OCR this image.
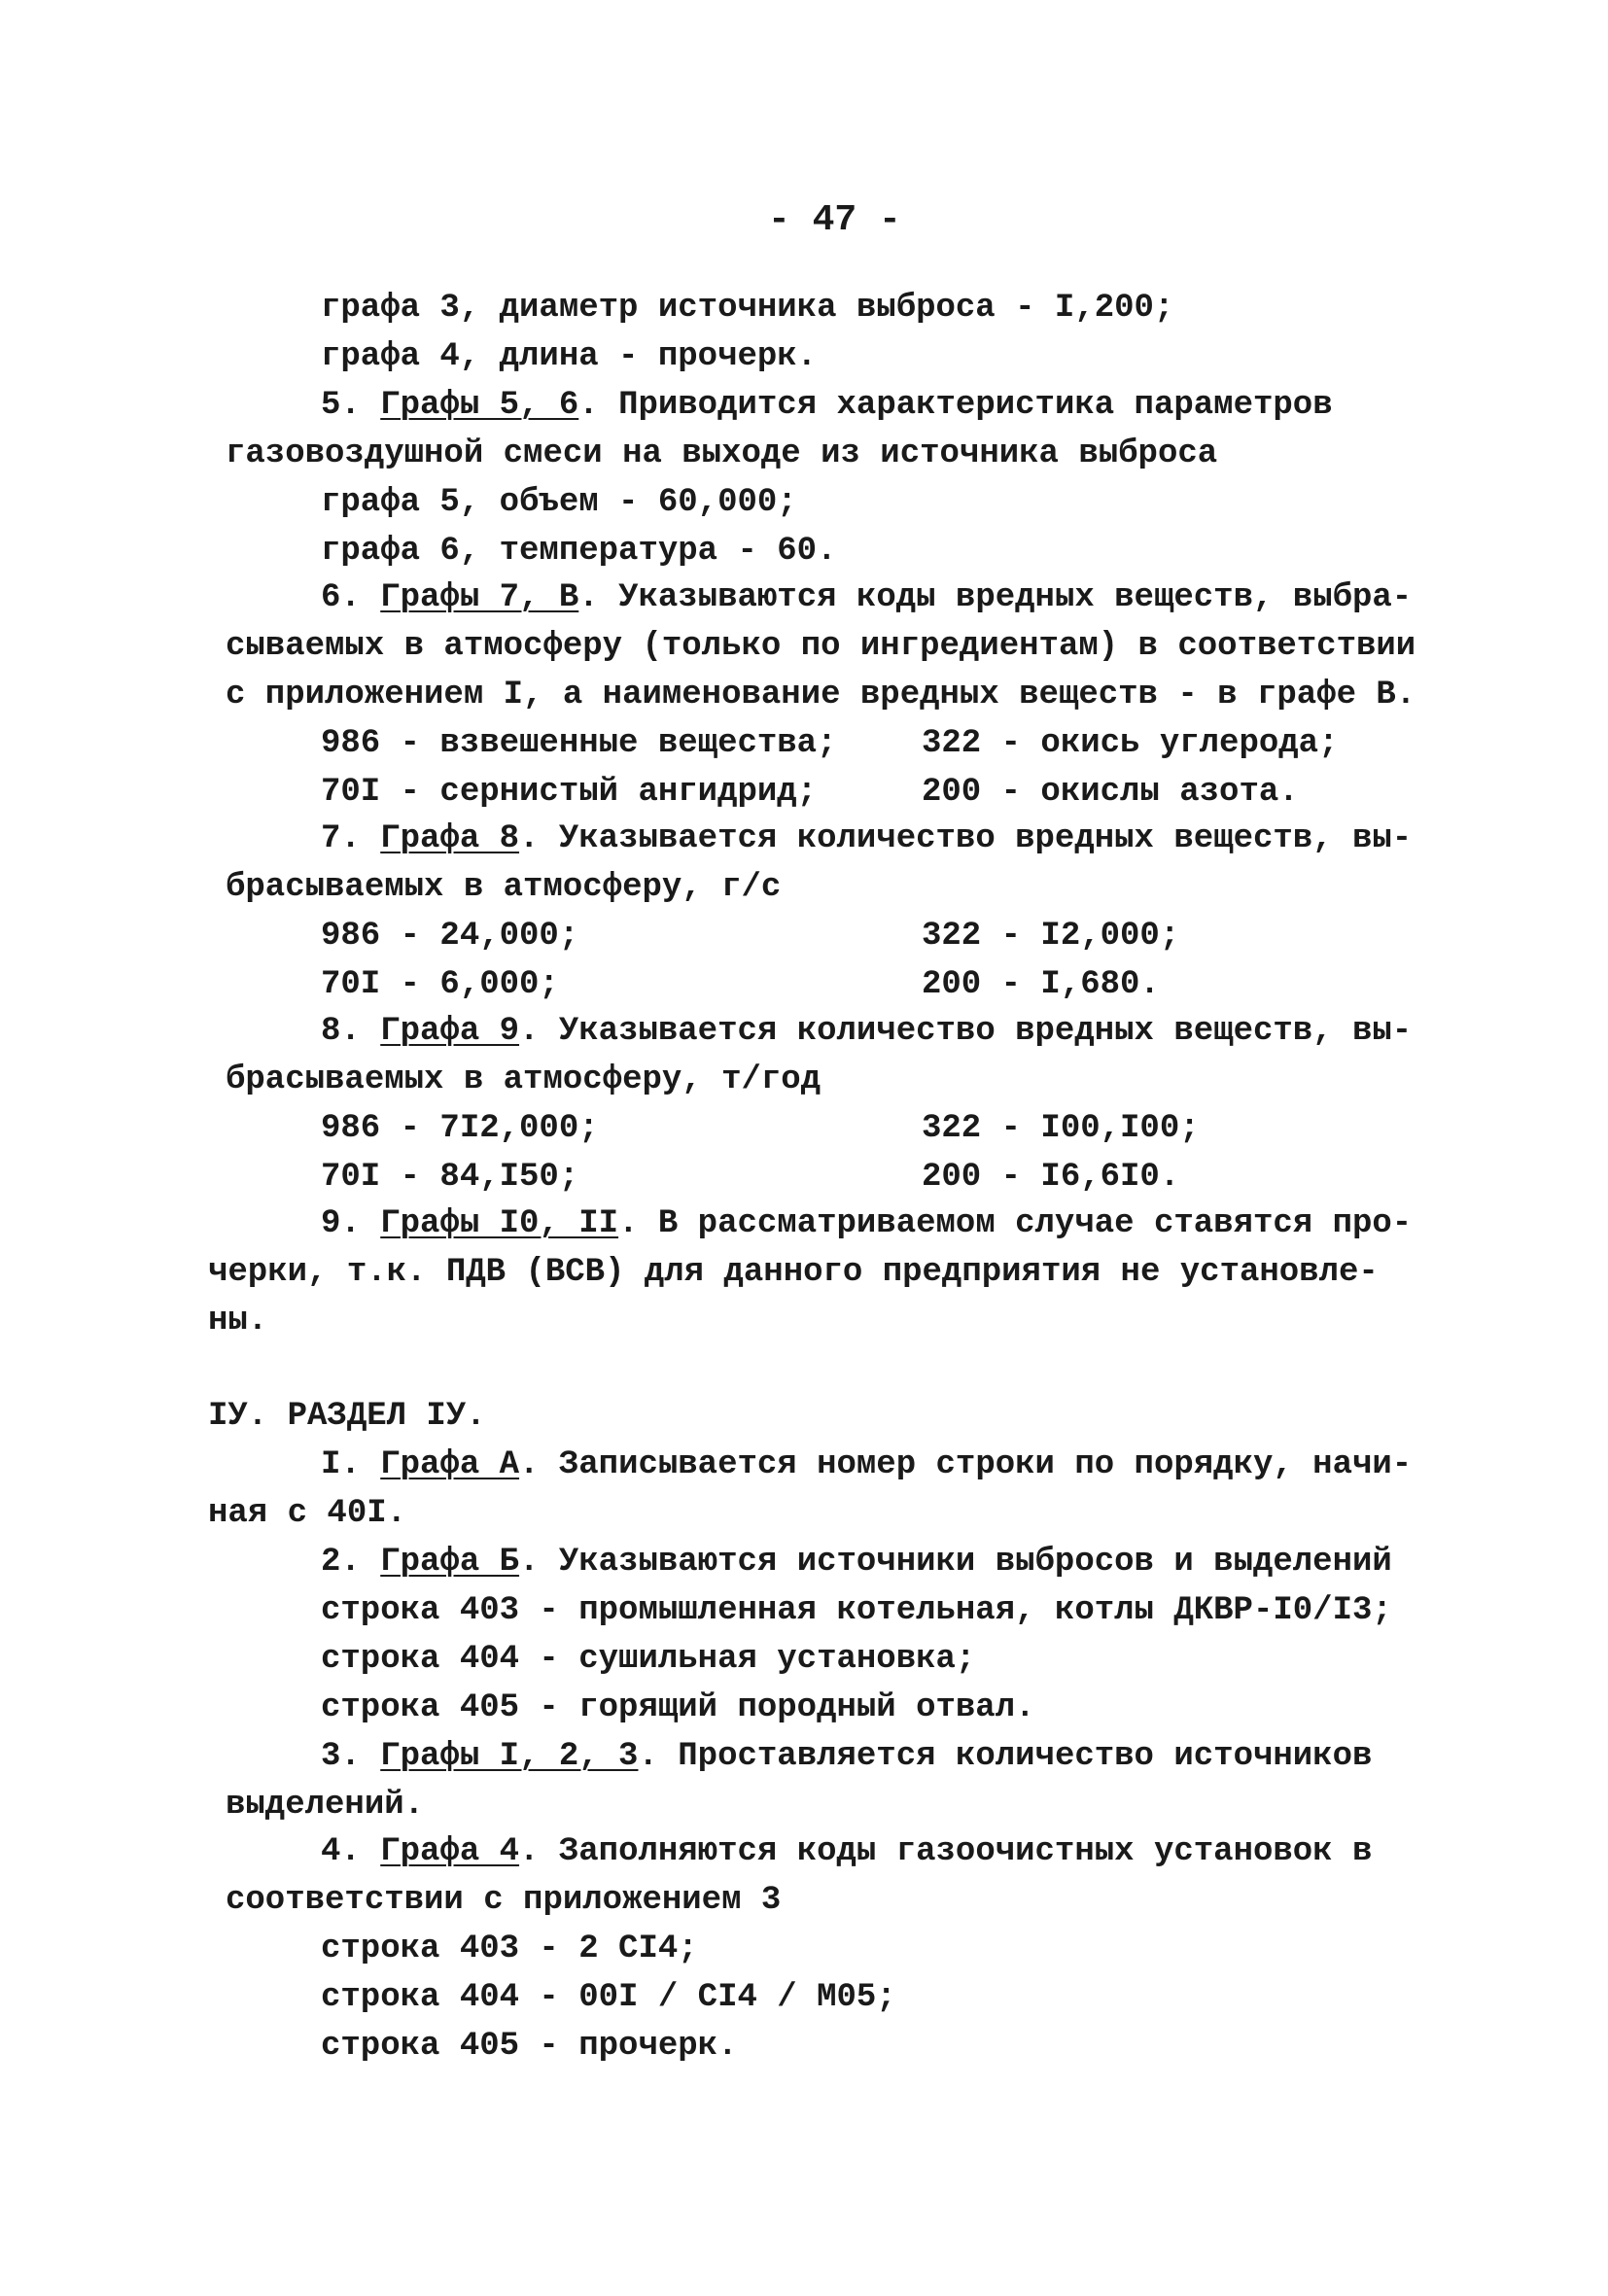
- 47 -
графа 3, диаметр источника выброса - I,200;
графа 4, длина - прочерк.
5. Графы 5, 6. Приводится характеристика параметров
газовоздушной смеси на выходе из источника выброса
графа 5, объем - 60,000;
графа 6, температура - 60.
6. Графы 7, В. Указываются коды вредных веществ, выбра-
сываемых в атмосферу (только по ингредиентам) в соответствии
с приложением I, а наименование вредных веществ - в графе В.
986 - взвешенные вещества;	322 - окись углерода;
70I - сернистый ангидрид;	200 - окислы азота.
7. Графа 8. Указывается количество вредных веществ, вы-
брасываемых в атмосферу, г/с
986 - 24,000;	322 - I2,000;
70I - 6,000;	200 - I,680.
8. Графа 9. Указывается количество вредных веществ, вы-
брасываемых в атмосферу, т/год
986 - 7I2,000;	322 - I00,I00;
70I - 84,I50;	200 - I6,6I0.
9. Графы I0, II. В рассматриваемом случае ставятся про-
черки, т.к. ПДВ (ВСВ) для данного предприятия не установле-
ны.
IУ. РАЗДЕЛ IУ.
I. Графа А. Записывается номер строки по порядку, начи-
ная с 40I.
2. Графа Б. Указываются источники выбросов и выделений
строка 403 - промышленная котельная, котлы ДКВР-I0/I3;
строка 404 - сушильная установка;
строка 405 - горящий породный отвал.
3. Графы I, 2, 3. Проставляется количество источников
выделений.
4. Графа 4. Заполняются коды газоочистных установок в
соответствии с приложением 3
строка 403 - 2 CI4;
строка 404 - 00I / CI4 / M05;
строка 405 - прочерк.
